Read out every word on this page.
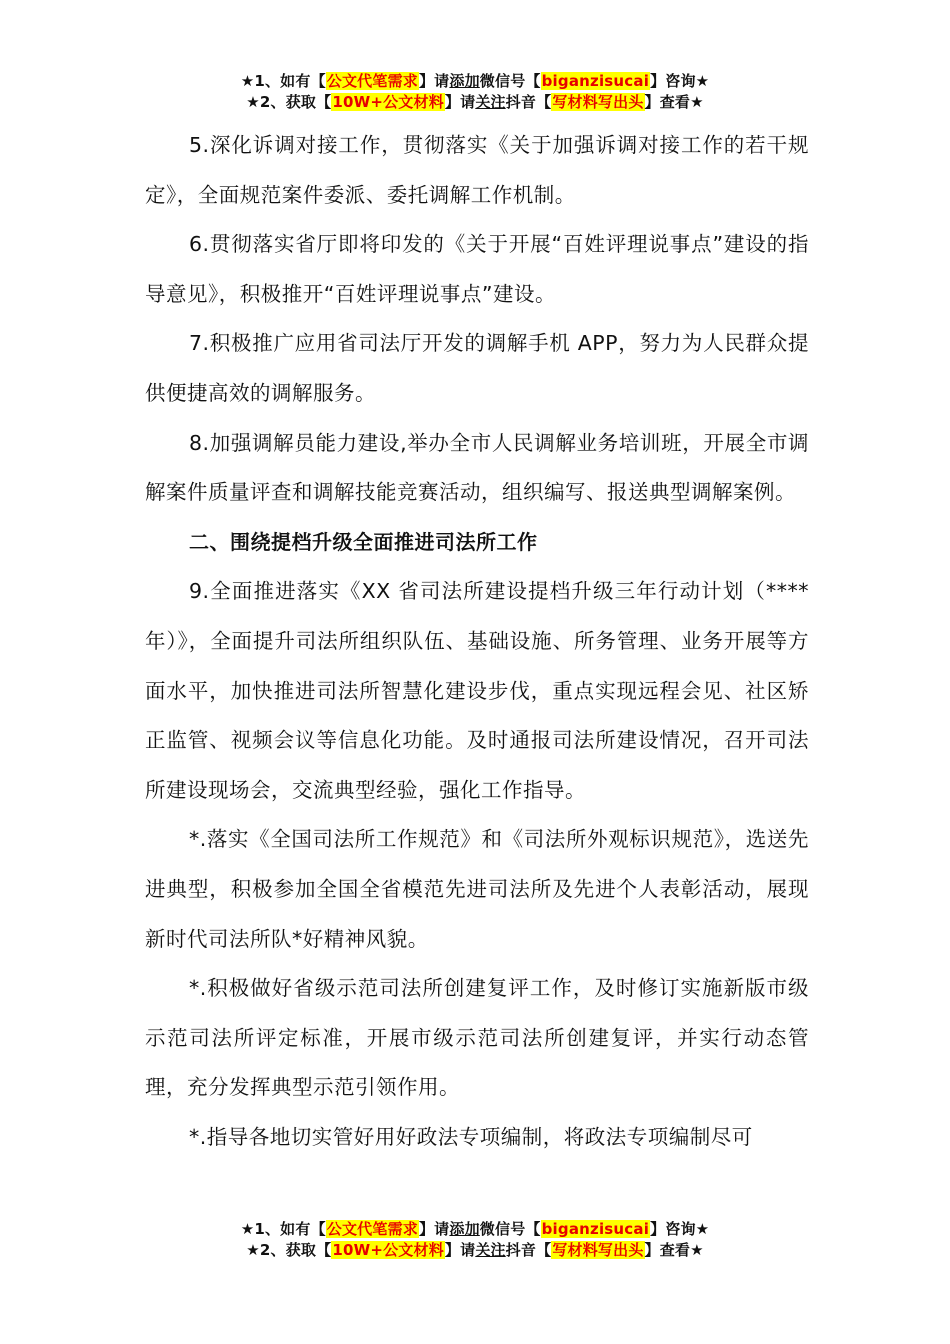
★1、如有【公文代笔需求】请添加微信号【biganzisucai】咨询★
★2、获取【10W+公文材料】请关注抖音【写材料写出头】查看★

5.深化诉调对接工作，贯彻落实《关于加强诉调对接工作的若干规定》，全面规范案件委派、委托调解工作机制。

6.贯彻落实省厅即将印发的《关于开展“百姓评理说事点”建设的指导意见》，积极推开“百姓评理说事点”建设。

7.积极推广应用省司法厅开发的调解手机 APP，努力为人民群众提供便捷高效的调解服务。

8.加强调解员能力建设,举办全市人民调解业务培训班，开展全市调解案件质量评查和调解技能竞赛活动，组织编写、报送典型调解案例。

二、围绕提档升级全面推进司法所工作

9.全面推进落实《XX 省司法所建设提档升级三年行动计划（****年）》，全面提升司法所组织队伍、基础设施、所务管理、业务开展等方面水平，加快推进司法所智慧化建设步伐，重点实现远程会见、社区矫正监管、视频会议等信息化功能。及时通报司法所建设情况，召开司法所建设现场会，交流典型经验，强化工作指导。

*.落实《全国司法所工作规范》和《司法所外观标识规范》，选送先进典型，积极参加全国全省模范先进司法所及先进个人表彰活动，展现新时代司法所队*好精神风貌。

*.积极做好省级示范司法所创建复评工作，及时修订实施新版市级示范司法所评定标准，开展市级示范司法所创建复评，并实行动态管理，充分发挥典型示范引领作用。

*.指导各地切实管好用好政法专项编制，将政法专项编制尽可

★1、如有【公文代笔需求】请添加微信号【biganzisucai】咨询★
★2、获取【10W+公文材料】请关注抖音【写材料写出头】查看★
